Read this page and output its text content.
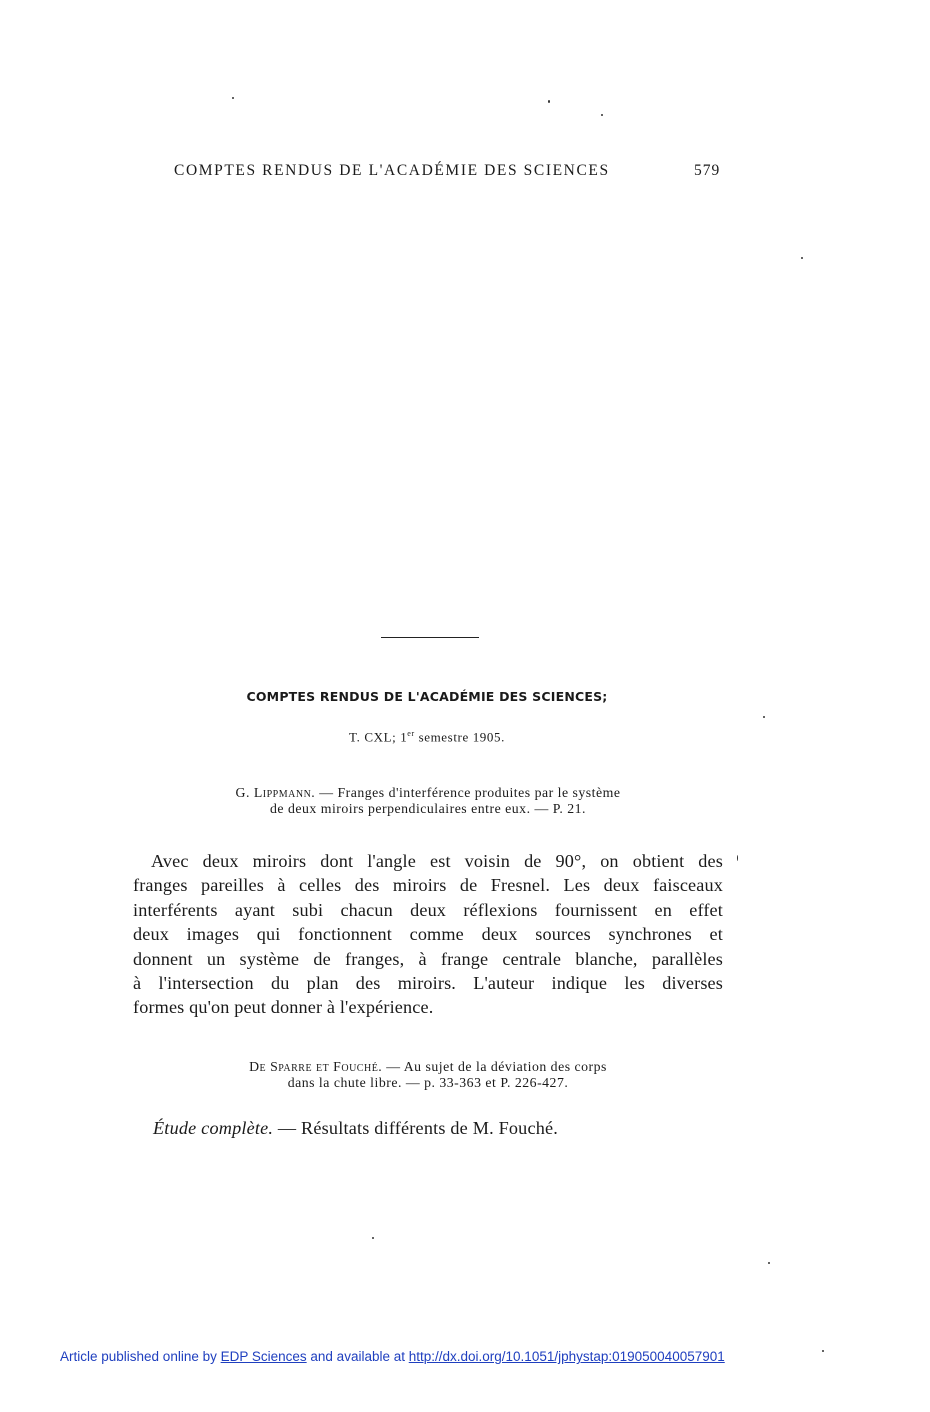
COMPTES RENDUS DE L'ACADÉMIE DES SCIENCES	579
COMPTES RENDUS DE L'ACADÉMIE DES SCIENCES;
T. CXL; 1er semestre 1905.
G. Lippmann. — Franges d'interférence produites par le système
de deux miroirs perpendiculaires entre eux. — P. 21.
Avec deux miroirs dont l'angle est voisin de 90°, on obtient des
franges pareilles à celles des miroirs de Fresnel. Les deux faisceaux
interférents ayant subi chacun deux réflexions fournissent en effet
deux images qui fonctionnent comme deux sources synchrones et
donnent un système de franges, à frange centrale blanche, parallèles
à l'intersection du plan des miroirs. L'auteur indique les diverses
formes qu'on peut donner à l'expérience.
De Sparre et Fouché. — Au sujet de la déviation des corps
dans la chute libre. — p. 33-363 et P. 226-427.
Étude complète. — Résultats différents de M. Fouché.
Article published online by EDP Sciences and available at http://dx.doi.org/10.1051/jphystap:019050040057901
